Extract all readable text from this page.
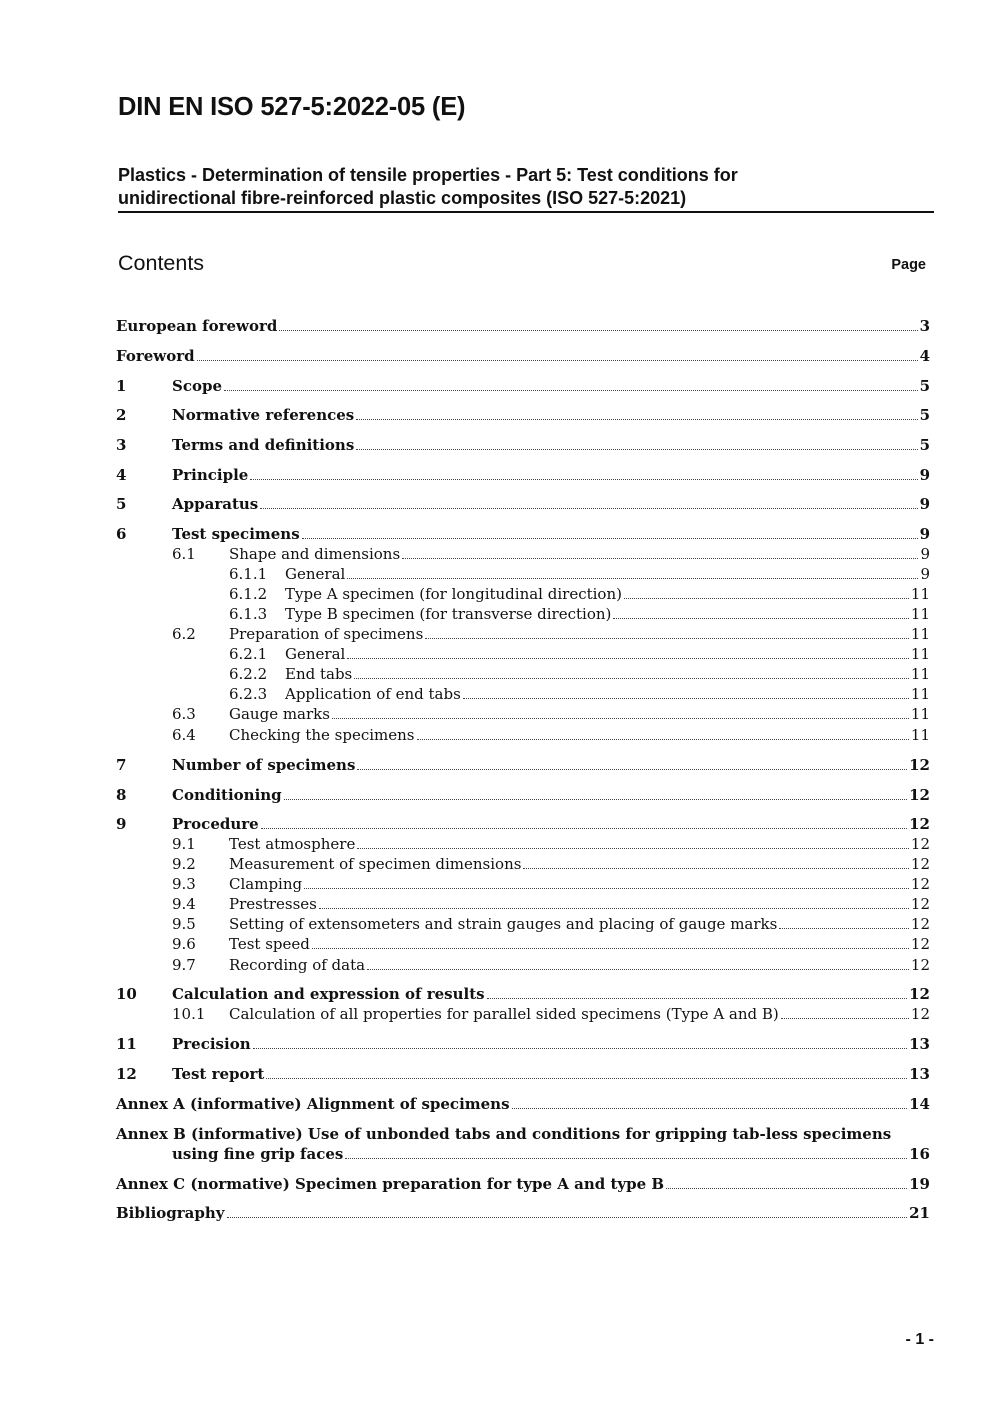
DIN EN ISO 527-5:2022-05 (E)
Plastics - Determination of tensile properties - Part 5: Test conditions for
unidirectional fibre-reinforced plastic composites (ISO 527-5:2021)
Contents	Page
European foreword	3
Foreword	4
1	Scope	5
2	Normative references	5
3	Terms and definitions	5
4	Principle	9
5	Apparatus	9
6	Test specimens	9
6.1 Shape and dimensions	9
6.1.1 General	9
6.1.2 Type A specimen (for longitudinal direction)	11
6.1.3 Type B specimen (for transverse direction)	11
6.2 Preparation of specimens	11
6.2.1 General	11
6.2.2 End tabs	11
6.2.3 Application of end tabs	11
6.3 Gauge marks	11
6.4 Checking the specimens	11
7	Number of specimens	12
8	Conditioning	12
9	Procedure	12
9.1 Test atmosphere	12
9.2 Measurement of specimen dimensions	12
9.3 Clamping	12
9.4 Prestresses	12
9.5 Setting of extensometers and strain gauges and placing of gauge marks	12
9.6 Test speed	12
9.7 Recording of data	12
10 Calculation and expression of results	12
10.1 Calculation of all properties for parallel sided specimens (Type A and B)	12
11 Precision	13
12 Test report	13
Annex A (informative) Alignment of specimens	14
Annex B (informative) Use of unbonded tabs and conditions for gripping tab-less specimens
using fine grip faces	16
Annex C (normative) Specimen preparation for type A and type B	19
Bibliography	21
- 1 -
